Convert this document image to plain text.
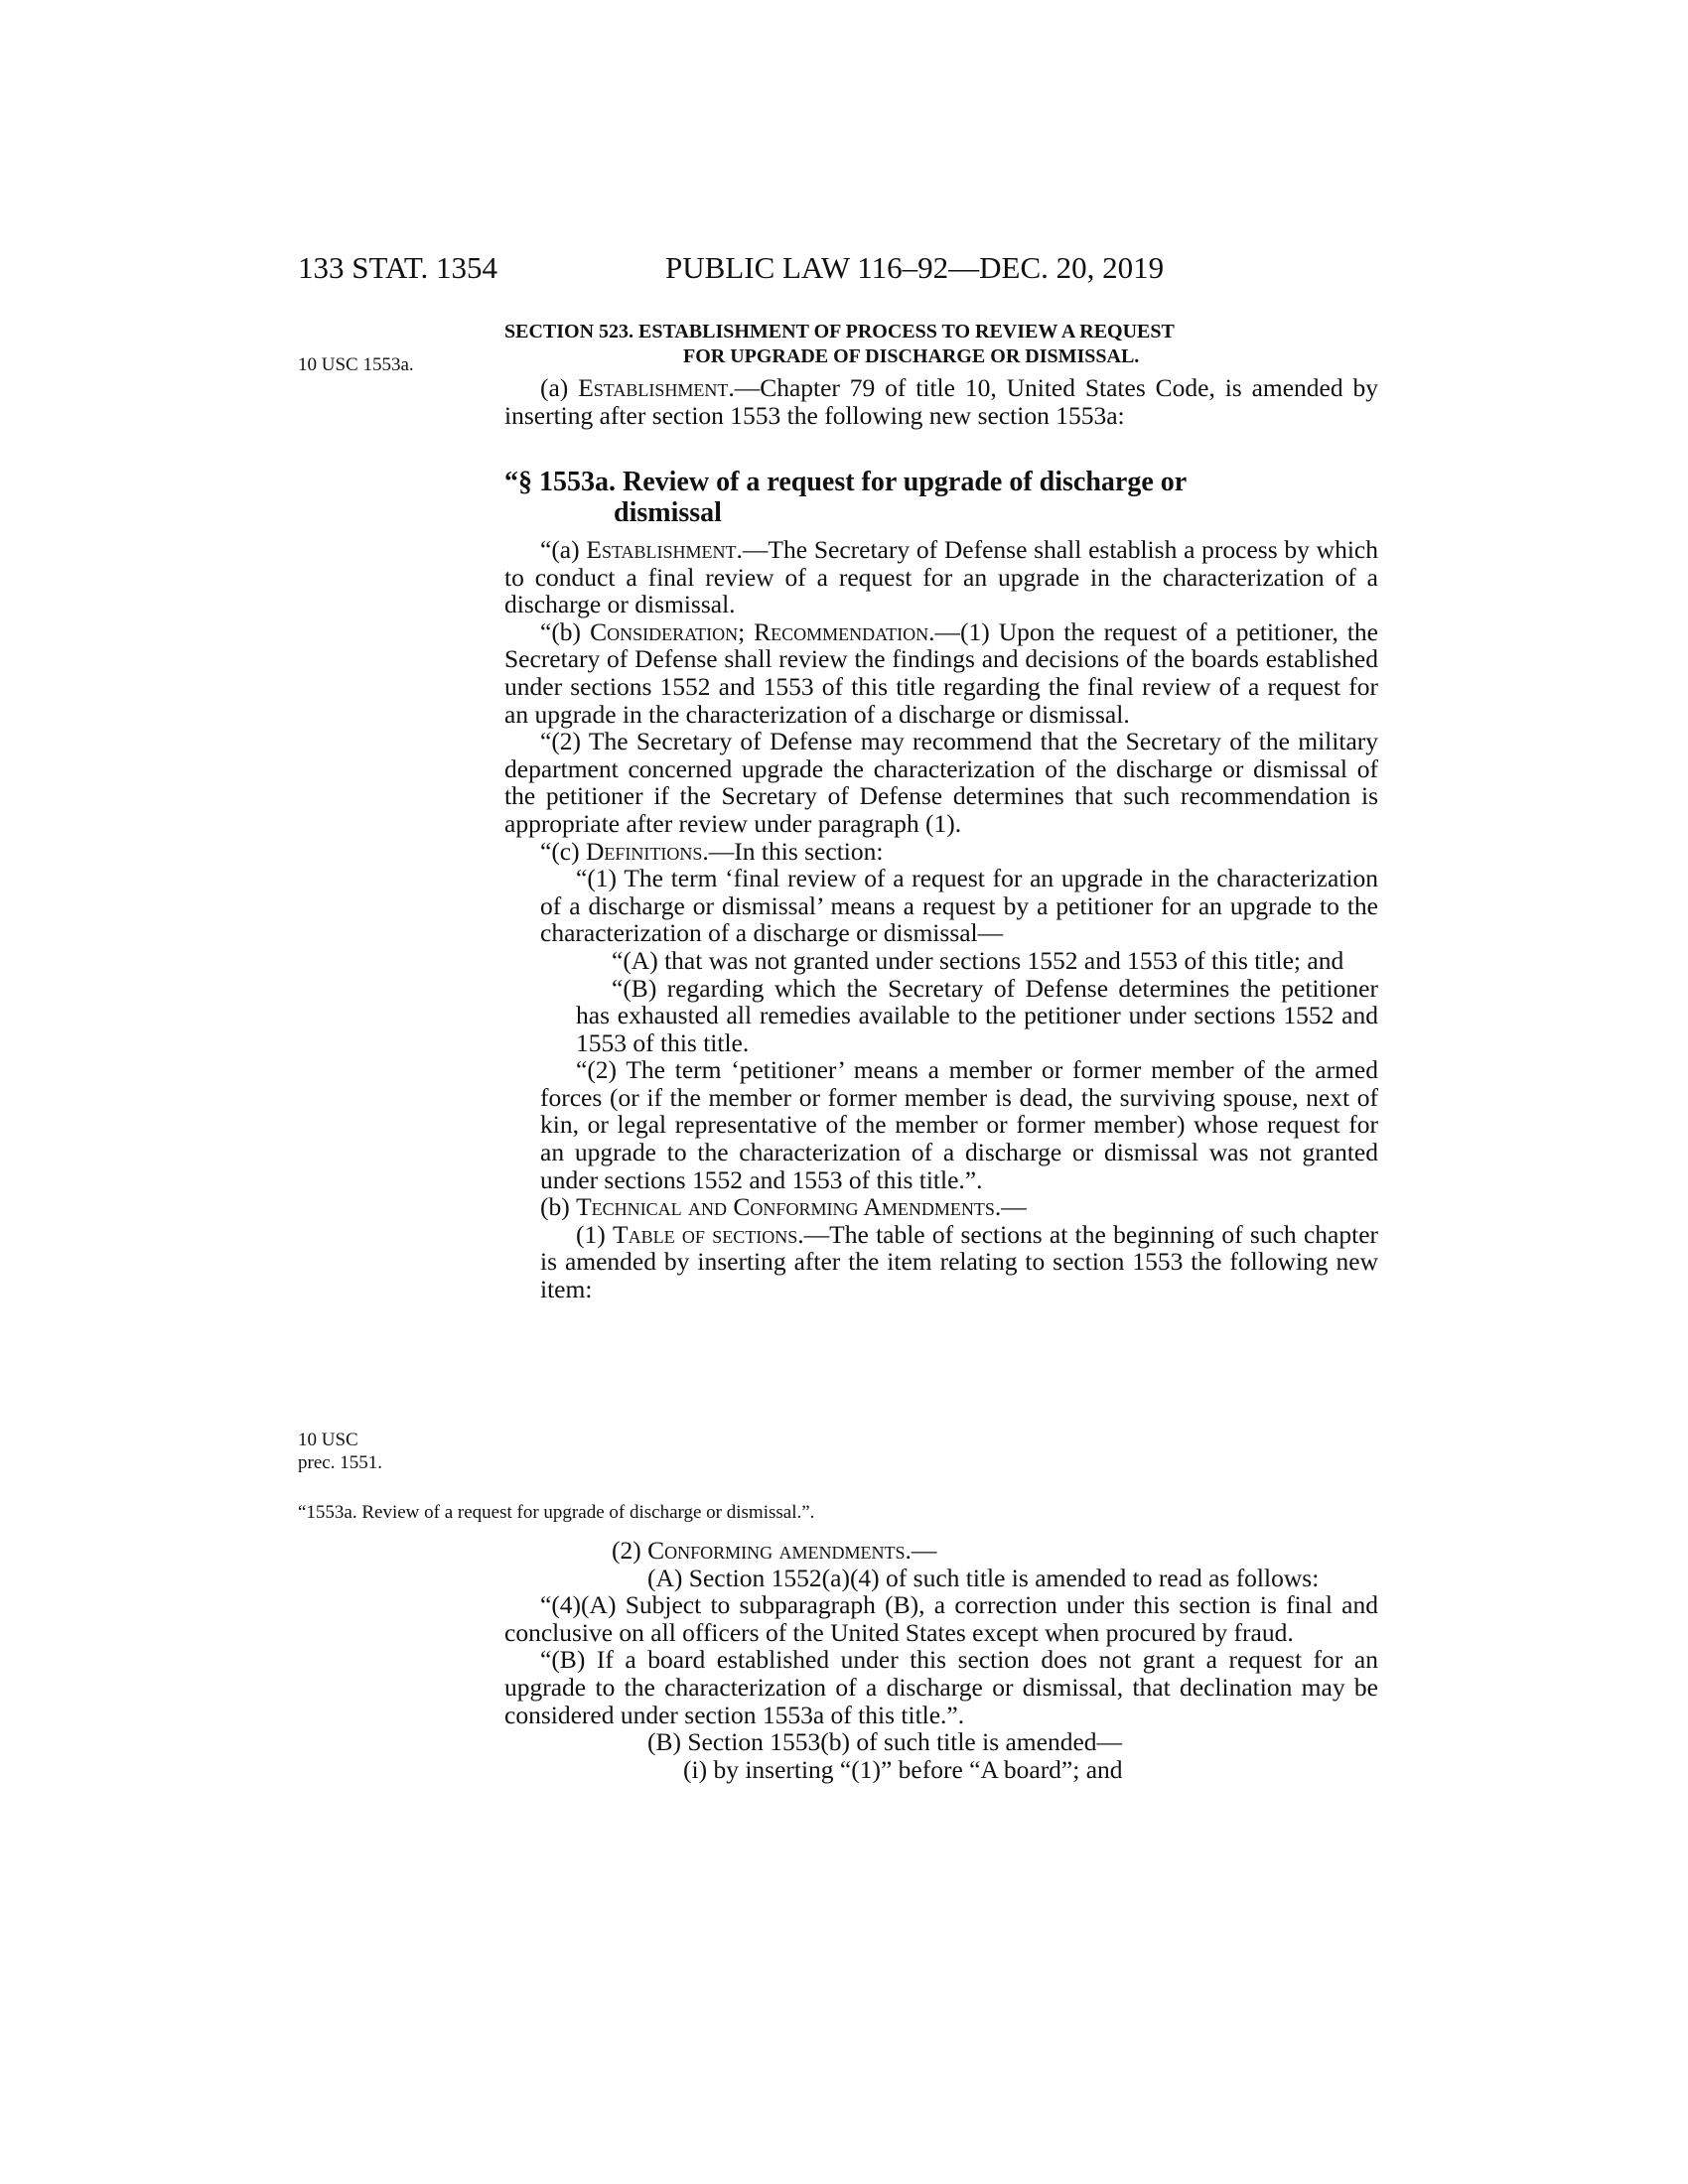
133 STAT. 1354	PUBLIC LAW 116–92—DEC. 20, 2019
SECTION 523. ESTABLISHMENT OF PROCESS TO REVIEW A REQUEST
FOR UPGRADE OF DISCHARGE OR DISMISSAL.
10 USC 1553a.
10 USC
prec. 1551.

(a) Establishment.—Chapter 79 of title 10, United States Code, is amended by inserting after section 1553 the following new section 1553a:

“§ 1553a. Review of a request for upgrade of discharge or
dismissal

“(a) Establishment.—The Secretary of Defense shall establish a process by which to conduct a final review of a request for an upgrade in the characterization of a discharge or dismissal.

“(b) Consideration; Recommendation.—(1) Upon the request of a petitioner, the Secretary of Defense shall review the findings and decisions of the boards established under sections 1552 and 1553 of this title regarding the final review of a request for an upgrade in the characterization of a discharge or dismissal.

“(2) The Secretary of Defense may recommend that the Secretary of the military department concerned upgrade the characterization of the discharge or dismissal of the petitioner if the Secretary of Defense determines that such recommendation is appropriate after review under paragraph (1).

“(c) Definitions.—In this section:

“(1) The term ‘final review of a request for an upgrade in the characterization of a discharge or dismissal’ means a request by a petitioner for an upgrade to the characterization of a discharge or dismissal—

“(A) that was not granted under sections 1552 and 1553 of this title; and

“(B) regarding which the Secretary of Defense determines the petitioner has exhausted all remedies available to the petitioner under sections 1552 and 1553 of this title.

“(2) The term ‘petitioner’ means a member or former member of the armed forces (or if the member or former member is dead, the surviving spouse, next of kin, or legal representative of the member or former member) whose request for an upgrade to the characterization of a discharge or dismissal was not granted under sections 1552 and 1553 of this title.”.

(b) Technical and Conforming Amendments.—

(1) Table of sections.—The table of sections at the beginning of such chapter is amended by inserting after the item relating to section 1553 the following new item:

“1553a. Review of a request for upgrade of discharge or dismissal.”.

(2) Conforming amendments.—

(A) Section 1552(a)(4) of such title is amended to read as follows:

“(4)(A) Subject to subparagraph (B), a correction under this section is final and conclusive on all officers of the United States except when procured by fraud.

“(B) If a board established under this section does not grant a request for an upgrade to the characterization of a discharge or dismissal, that declination may be considered under section 1553a of this title.”.

(B) Section 1553(b) of such title is amended—

(i) by inserting “(1)” before “A board”; and
